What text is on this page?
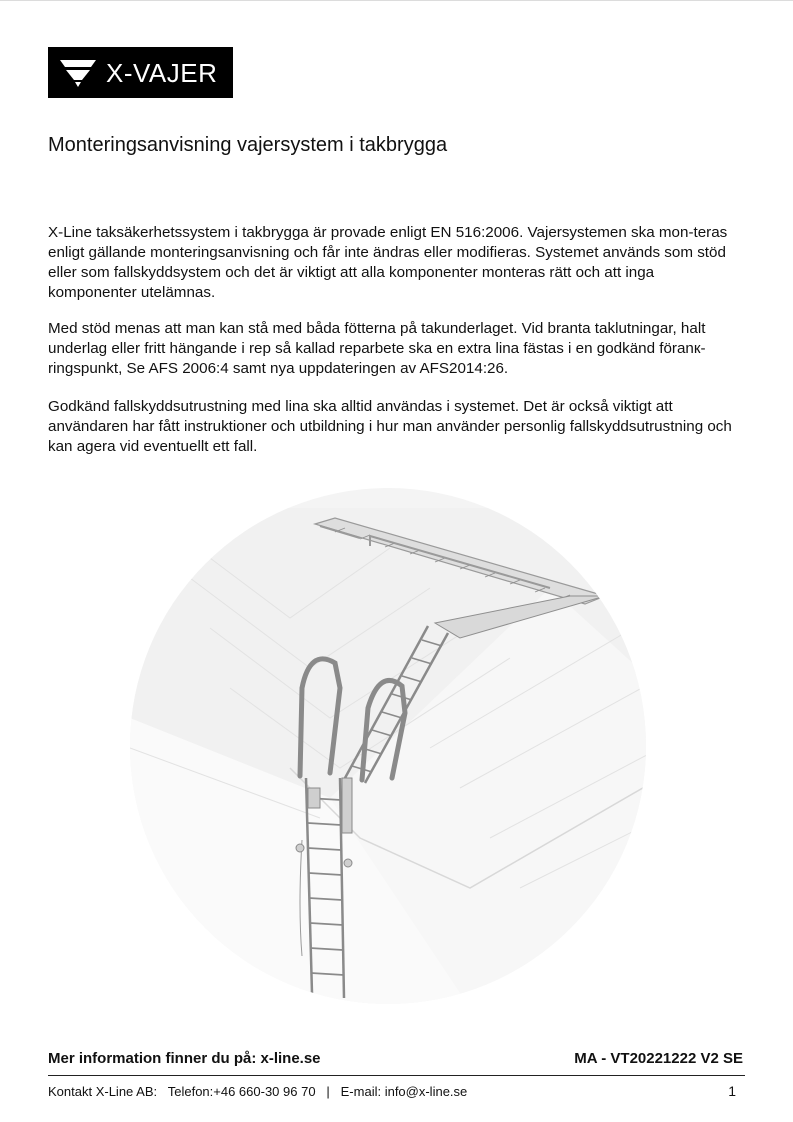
X-VAJER
Monteringsanvisning vajersystem i takbrygga

X-Line taksäkerhetssystem i takbrygga är provade enligt EN 516:2006. Vajersystemen ska mon-teras enligt gällande monteringsanvisning och får inte ändras eller modifieras. Systemet används som stöd eller som fallskyddsystem och det är viktigt att alla komponenter monteras rätt och att inga komponenter utelämnas.

Med stöd menas att man kan stå med båda fötterna på takunderlaget. Vid branta taklutningar, halt underlag eller fritt hängande i rep så kallad reparbete ska en extra lina fästas i en godkänd föranк-ringspunkt, Se AFS 2006:4 samt nya uppdateringen av AFS2014:26.

Godkänd fallskyddsutrustning med lina ska alltid användas i systemet. Det är också viktigt att användaren har fått instruktioner och utbildning i hur man använder personlig fallskyddsutrustning och kan agera vid eventuellt ett fall.

Mer information finner du på: x-line.se	MA - VT20221222 V2 SE
Kontakt X-Line AB: Telefon:+46 660-30 96 70 | E-mail: info@x-line.se	1
